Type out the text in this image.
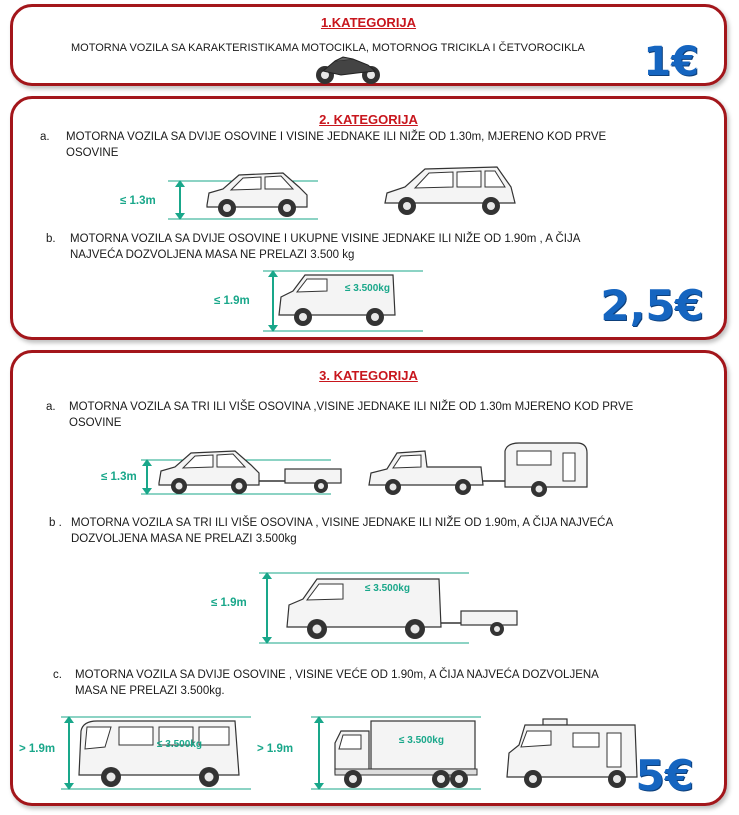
1.KATEGORIJA
MOTORNA VOZILA SA KARAKTERISTIKAMA MOTOCIKLA, MOTORNOG TRICIKLA I ČETVOROCIKLA 1€
2. KATEGORIJA
a. MOTORNA VOZILA SA DVIJE OSOVINE I VISINE JEDNAKE ILI NIŽE OD 1.30m, MJERENO KOD PRVE
OSOVINE
≤ 1.3m
b. MOTORNA VOZILA SA DVIJE OSOVINE I UKUPNE VISINE JEDNAKE ILI NIŽE OD 1.90m , A ČIJA
NAJVEĆA DOZVOLJENA MASA NE PRELAZI 3.500 kg
≤ 1.9m
≤ 3.500kg	2,5€
3. KATEGORIJA
a. MOTORNA VOZILA SA TRI ILI VIŠE OSOVINA ,VISINE JEDNAKE ILI NIŽE OD 1.30m MJERENO KOD PRVE
OSOVINE
≤ 1.3m
b . MOTORNA VOZILA SA TRI ILI VIŠE OSOVINA , VISINE JEDNAKE ILI NIŽE OD 1.90m, A ČIJA NAJVEĆA
DOZVOLJENA MASA NE PRELAZI 3.500kg
≤ 1.9m
≤ 3.500kg
c. MOTORNA VOZILA SA DVIJE OSOVINE , VISINE VEĆE OD 1.90m, A ČIJA NAJVEĆA DOZVOLJENA
MASA NE PRELAZI 3.500kg.
> 1.9m	≤ 3.500kg	> 1.9m
≤ 3.500kg
5€
